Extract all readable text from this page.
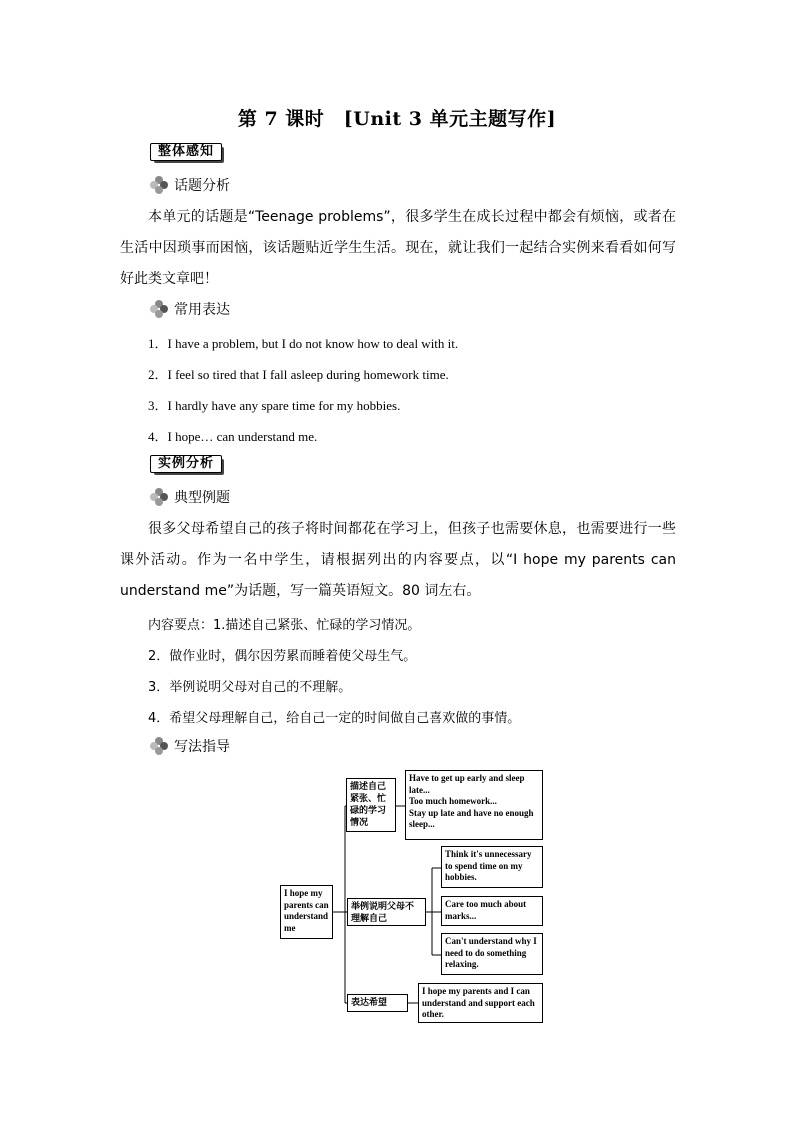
第 7 课时　[Unit 3 单元主题写作]
整体感知
话题分析
本单元的话题是“Teenage problems”，很多学生在成长过程中都会有烦恼，或者在生活中因琐事而困恼，该话题贴近学生生活。现在，就让我们一起结合实例来看看如何写好此类文章吧！
常用表达
1．I have a problem, but I do not know how to deal with it.
2．I feel so tired that I fall asleep during homework time.
3．I hardly have any spare time for my hobbies.
4．I hope… can understand me.
实例分析
典型例题
很多父母希望自己的孩子将时间都花在学习上，但孩子也需要休息，也需要进行一些课外活动。作为一名中学生，请根据列出的内容要点，以“I hope my parents can understand me”为话题，写一篇英语短文。80 词左右。
内容要点：1.描述自己紧张、忙碌的学习情况。
2．做作业时，偶尔因劳累而睡着使父母生气。
3．举例说明父母对自己的不理解。
4．希望父母理解自己，给自己一定的时间做自己喜欢做的事情。
写法指导
I hope my parents can understand me
描述自己紧张、忙碌的学习情况
Have to get up early and sleep late...
Too much homework...
Stay up late and have no enough sleep...
举例说明父母不理解自己
Think it's unnecessary to spend time on my hobbies.
Care too much about marks...
Can't understand why I need to do something relaxing.
表达希望
I hope my parents and I can understand and support each other.
